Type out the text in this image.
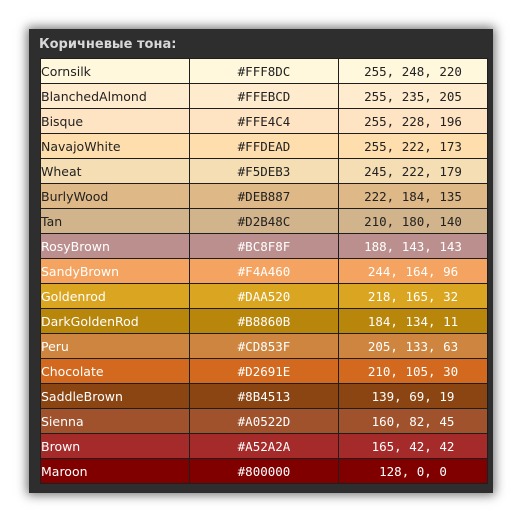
Коричневые тона:
Cornsilk	#FFF8DC	255, 248, 220
BlanchedAlmond	#FFEBCD	255, 235, 205
Bisque	#FFE4C4	255, 228, 196
NavajoWhite	#FFDEAD	255, 222, 173
Wheat	#F5DEB3	245, 222, 179
BurlyWood	#DEB887	222, 184, 135
Tan	#D2B48C	210, 180, 140
RosyBrown	#BC8F8F	188, 143, 143
SandyBrown	#F4A460	244, 164, 96
Goldenrod	#DAA520	218, 165, 32
DarkGoldenRod	#B8860B	184, 134, 11
Peru	#CD853F	205, 133, 63
Chocolate	#D2691E	210, 105, 30
SaddleBrown	#8B4513	139, 69, 19
Sienna	#A0522D	160, 82, 45
Brown	#A52A2A	165, 42, 42
Maroon	#800000	128, 0, 0
